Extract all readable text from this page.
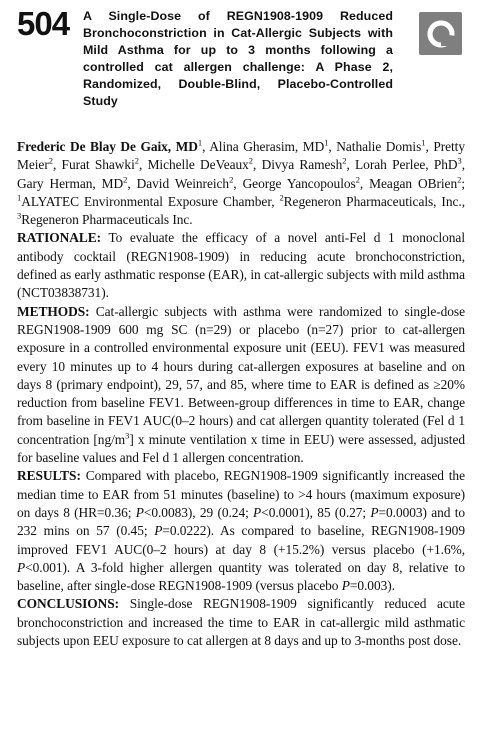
504 A Single-Dose of REGN1908-1909 Reduced Bronchoconstriction in Cat-Allergic Subjects with Mild Asthma for up to 3 months following a controlled cat allergen challenge: A Phase 2, Randomized, Double-Blind, Placebo-Controlled Study

Frederic De Blay De Gaix, $MD^1$, Alina Gherasim, $MD^1$, Nathalie Domis$^1$, Pretty Meier$^2$, Furat Shawki$^2$, Michelle DeVeaux$^2$, Divya Ramesh$^2$, Lorah Perlee, PhD$^3$, Gary Herman, $MD^2$, David Weinreich$^2$, George Yancopoulos$^2$, Meagan OBrien$^2$; $^1$ALYATEC Environmental Exposure Chamber, $^2$Regeneron Pharmaceuticals, Inc., $^3$Regeneron Pharmaceuticals Inc.

RATIONALE: To evaluate the efficacy of a novel anti-Fel d 1 monoclonal antibody cocktail (REGN1908-1909) in reducing acute bronchoconstriction, defined as early asthmatic response (EAR), in cat-allergic subjects with mild asthma (NCT03838731).

METHODS: Cat-allergic subjects with asthma were randomized to single-dose REGN1908-1909 600 mg SC (n=29) or placebo (n=27) prior to cat-allergen exposure in a controlled environmental exposure unit (EEU). FEV1 was measured every 10 minutes up to 4 hours during cat-allergen exposures at baseline and on days 8 (primary endpoint), 29, 57, and 85, where time to EAR is defined as ≥20% reduction from baseline FEV1. Between-group differences in time to EAR, change from baseline in FEV1 AUC(0–2 hours) and cat allergen quantity tolerated (Fel d 1 concentration $[ng/m^3]$ x minute ventilation x time in EEU) were assessed, adjusted for baseline values and Fel d 1 allergen concentration.

RESULTS: Compared with placebo, REGN1908-1909 significantly increased the median time to EAR from 51 minutes (baseline) to >4 hours (maximum exposure) on days 8 (HR=0.36; P<0.0083), 29 (0.24; P<0.0001), 85 (0.27; P=0.0003) and to 232 mins on 57 (0.45; P=0.0222). As compared to baseline, REGN1908-1909 improved FEV1 AUC(0–2 hours) at day 8 (+15.2%) versus placebo (+1.6%, P<0.001). A 3-fold higher allergen quantity was tolerated on day 8, relative to baseline, after single-dose REGN1908-1909 (versus placebo P=0.003).

CONCLUSIONS: Single-dose REGN1908-1909 significantly reduced acute bronchoconstriction and increased the time to EAR in cat-allergic mild asthmatic subjects upon EEU exposure to cat allergen at 8 days and up to 3-months post dose.
